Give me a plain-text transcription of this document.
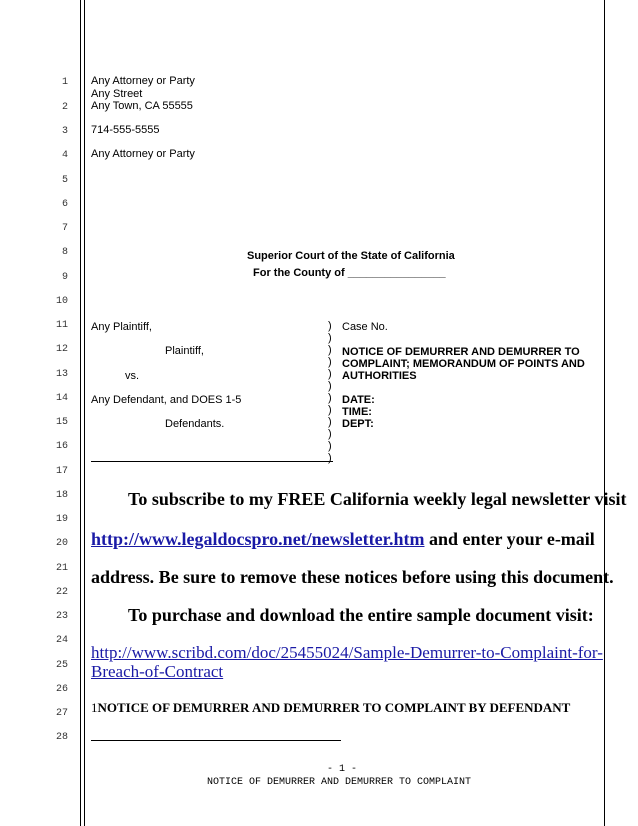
1
2
3
4
5
6
7
8
9
10
11
12
13
14
15
16
17
18
19
20
21
22
23
24
25
26
27
28
Any Attorney or Party
Any Street
Any Town, CA 55555
714-555-5555
Any Attorney or Party
Superior Court of the State of California
For the County of ________________
Any Plaintiff,
Plaintiff,
vs.
Any Defendant, and DOES 1-5
Defendants.
)
)
)
)
)
)
)
)
)
)
)
)
Case No.
NOTICE OF DEMURRER AND DEMURRER TO
COMPLAINT; MEMORANDUM OF POINTS AND
AUTHORITIES
DATE:
TIME:
DEPT:
To subscribe to my FREE California weekly legal newsletter visit
http://www.legaldocspro.net/newsletter.htm and enter your e-mail
address. Be sure to remove these notices before using this document.
To purchase and download the entire sample document visit:
http://www.scribd.com/doc/25455024/Sample-Demurrer-to-Complaint-for-
Breach-of-Contract
1NOTICE OF DEMURRER AND DEMURRER TO COMPLAINT BY DEFENDANT
- 1 -
NOTICE OF DEMURRER AND DEMURRER TO COMPLAINT
